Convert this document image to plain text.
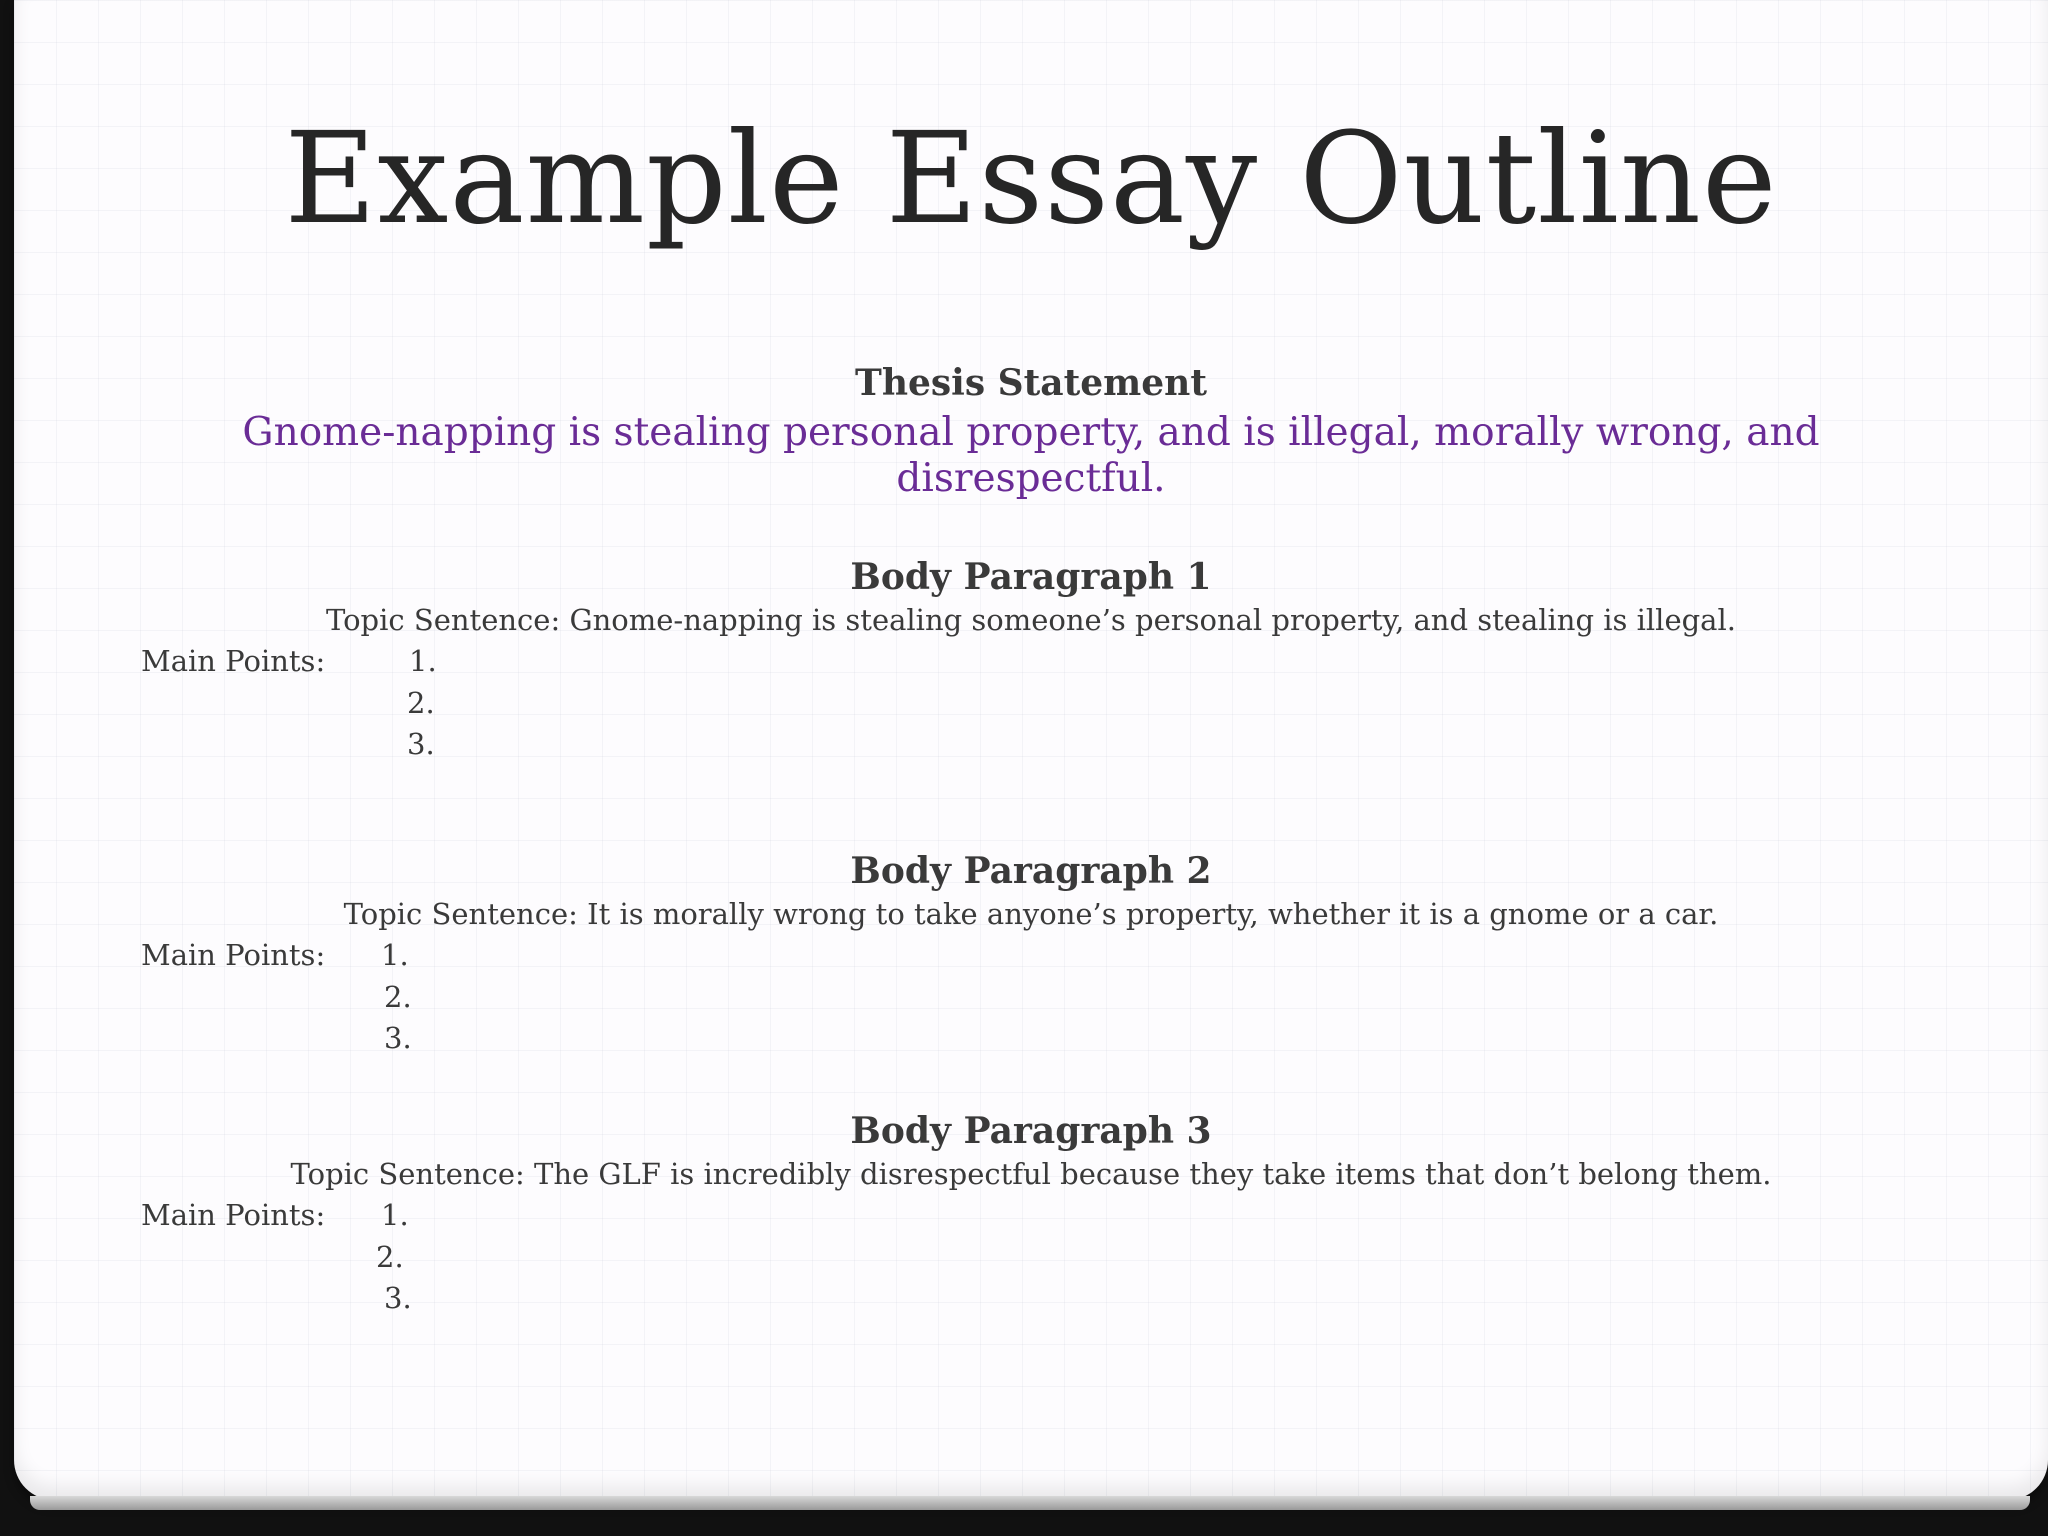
Example Essay Outline
Thesis Statement
Gnome-napping is stealing personal property, and is illegal, morally wrong, and
disrespectful.
Body Paragraph 1
Topic Sentence: Gnome-napping is stealing someone’s personal property, and stealing is illegal.
Main Points:	1.
2.
3.
Body Paragraph 2
Topic Sentence: It is morally wrong to take anyone’s property, whether it is a gnome or a car.
Main Points: 1.
2.
3.
Body Paragraph 3
Topic Sentence: The GLF is incredibly disrespectful because they take items that don’t belong them.
Main Points: 1.
2.
3.
